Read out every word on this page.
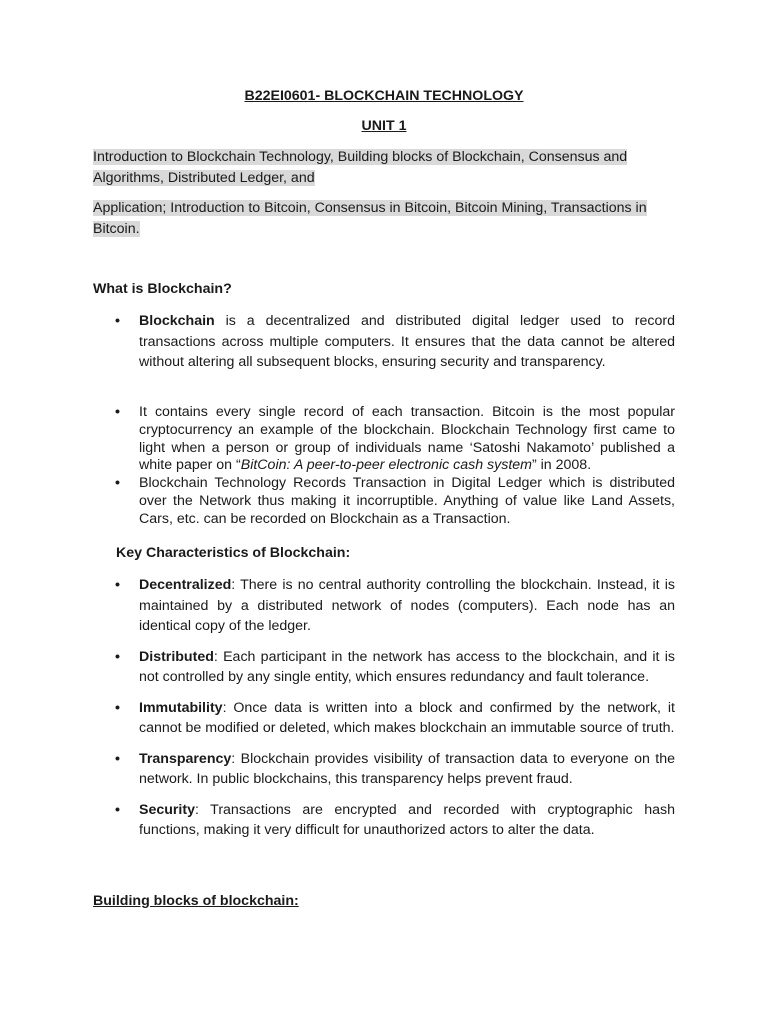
B22EI0601- BLOCKCHAIN TECHNOLOGY
UNIT 1

Introduction to Blockchain Technology, Building blocks of Blockchain, Consensus and Algorithms, Distributed Ledger, and

Application; Introduction to Bitcoin, Consensus in Bitcoin, Bitcoin Mining, Transactions in Bitcoin.

What is Blockchain?
• Blockchain is a decentralized and distributed digital ledger used to record transactions across multiple computers. It ensures that the data cannot be altered without altering all subsequent blocks, ensuring security and transparency.
• It contains every single record of each transaction. Bitcoin is the most popular cryptocurrency an example of the blockchain. Blockchain Technology first came to light when a person or group of individuals name ‘Satoshi Nakamoto’ published a white paper on “BitCoin: A peer-to-peer electronic cash system” in 2008.
• Blockchain Technology Records Transaction in Digital Ledger which is distributed over the Network thus making it incorruptible. Anything of value like Land Assets, Cars, etc. can be recorded on Blockchain as a Transaction.
Key Characteristics of Blockchain:
• Decentralized: There is no central authority controlling the blockchain. Instead, it is maintained by a distributed network of nodes (computers). Each node has an identical copy of the ledger.
• Distributed: Each participant in the network has access to the blockchain, and it is not controlled by any single entity, which ensures redundancy and fault tolerance.
• Immutability: Once data is written into a block and confirmed by the network, it cannot be modified or deleted, which makes blockchain an immutable source of truth.
• Transparency: Blockchain provides visibility of transaction data to everyone on the network. In public blockchains, this transparency helps prevent fraud.
• Security: Transactions are encrypted and recorded with cryptographic hash functions, making it very difficult for unauthorized actors to alter the data.
Building blocks of blockchain:
